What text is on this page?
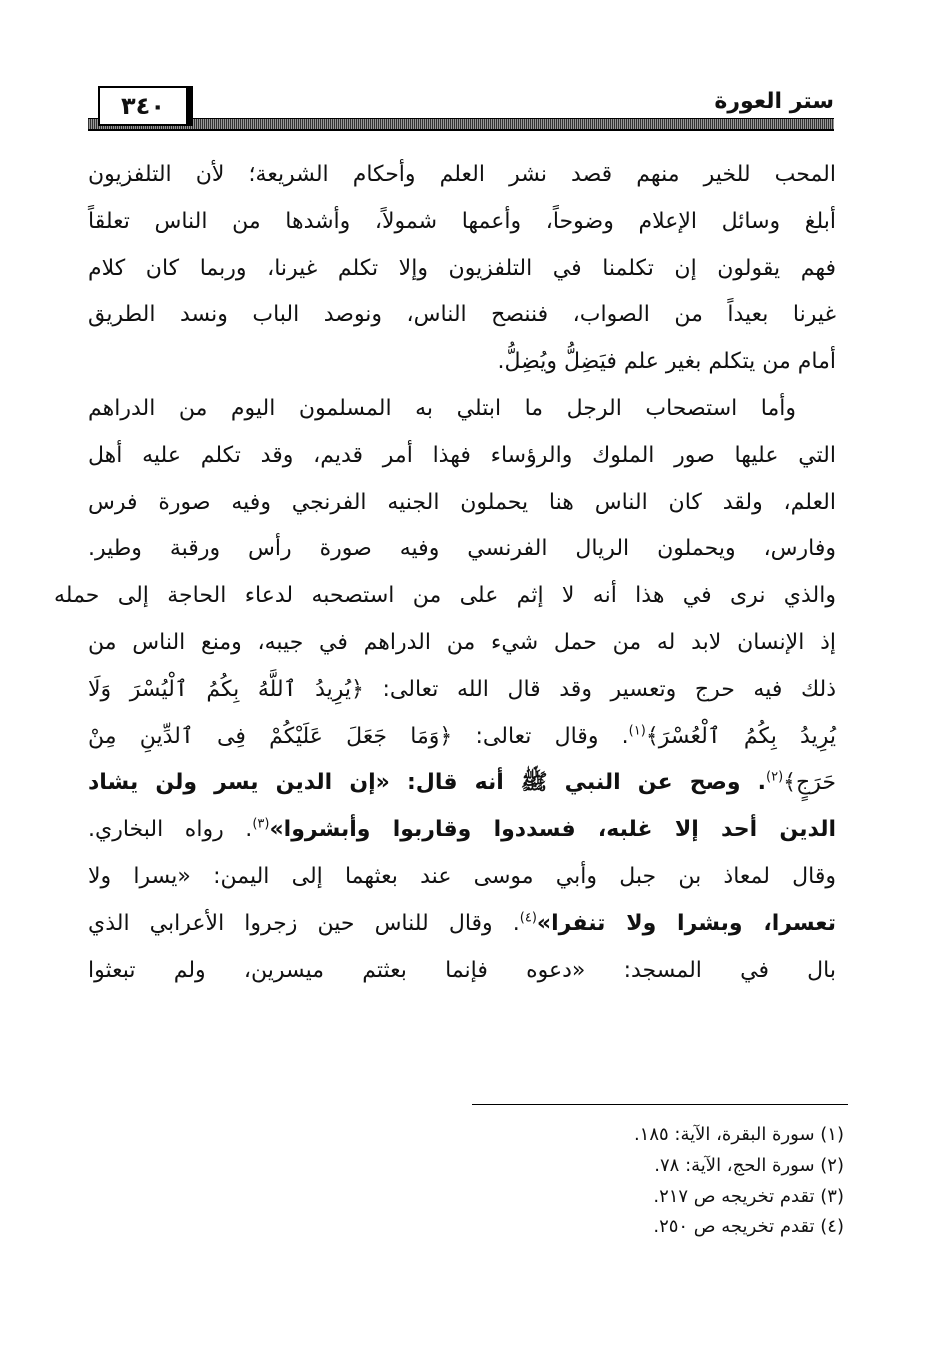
ستر العورة
٣٤٠
المحب للخير منهم قصد نشر العلم وأحكام الشريعة؛ لأن التلفزيون
أبلغ وسائل الإعلام وضوحاً، وأعمها شمولاً، وأشدها من الناس تعلقاً
فهم يقولون إن تكلمنا في التلفزيون وإلا تكلم غيرنا، وربما كان كلام
غيرنا بعيداً من الصواب، فننصح الناس، ونوصد الباب ونسد الطريق
أمام من يتكلم بغير علم فيَضِلُّ ويُضِلُّ.
وأما استصحاب الرجل ما ابتلي به المسلمون اليوم من الدراهم
التي عليها صور الملوك والرؤساء فهذا أمر قديم، وقد تكلم عليه أهل
العلم، ولقد كان الناس هنا يحملون الجنيه الفرنجي وفيه صورة فرس
وفارس، ويحملون الريال الفرنسي وفيه صورة رأس ورقبة وطير.
والذي نرى في هذا أنه لا إثم على من استصحبه لدعاء الحاجة إلى حمله
إذ الإنسان لابد له من حمل شيء من الدراهم في جيبه، ومنع الناس من
ذلك فيه حرج وتعسير وقد قال الله تعالى: ﴿يُرِيدُ ٱللَّهُ بِكُمُ ٱلْيُسْرَ وَلَا
يُرِيدُ بِكُمُ ٱلْعُسْرَ﴾$^{(١)}$. وقال تعالى: ﴿وَمَا جَعَلَ عَلَيْكُمْ فِى ٱلدِّينِ مِنْ
حَرَجٍ﴾$^{(٢)}$. وصح عن النبي ﷺ أنه قال: «إن الدين يسر ولن يشاد
الدين أحد إلا غلبه، فسددوا وقاربوا وأبشروا»$^{(٣)}$. رواه البخاري.
وقال لمعاذ بن جبل وأبي موسى عند بعثهما إلى اليمن: «يسرا ولا
تعسرا، وبشرا ولا تنفرا»$^{(٤)}$. وقال للناس حين زجروا الأعرابي الذي
بال في المسجد: «دعوه فإنما بعثتم ميسرين، ولم تبعثوا
(١) سورة البقرة، الآية: ١٨٥.
(٢) سورة الحج، الآية: ٧٨.
(٣) تقدم تخريجه ص ٢١٧.
(٤) تقدم تخريجه ص ٢٥٠.
